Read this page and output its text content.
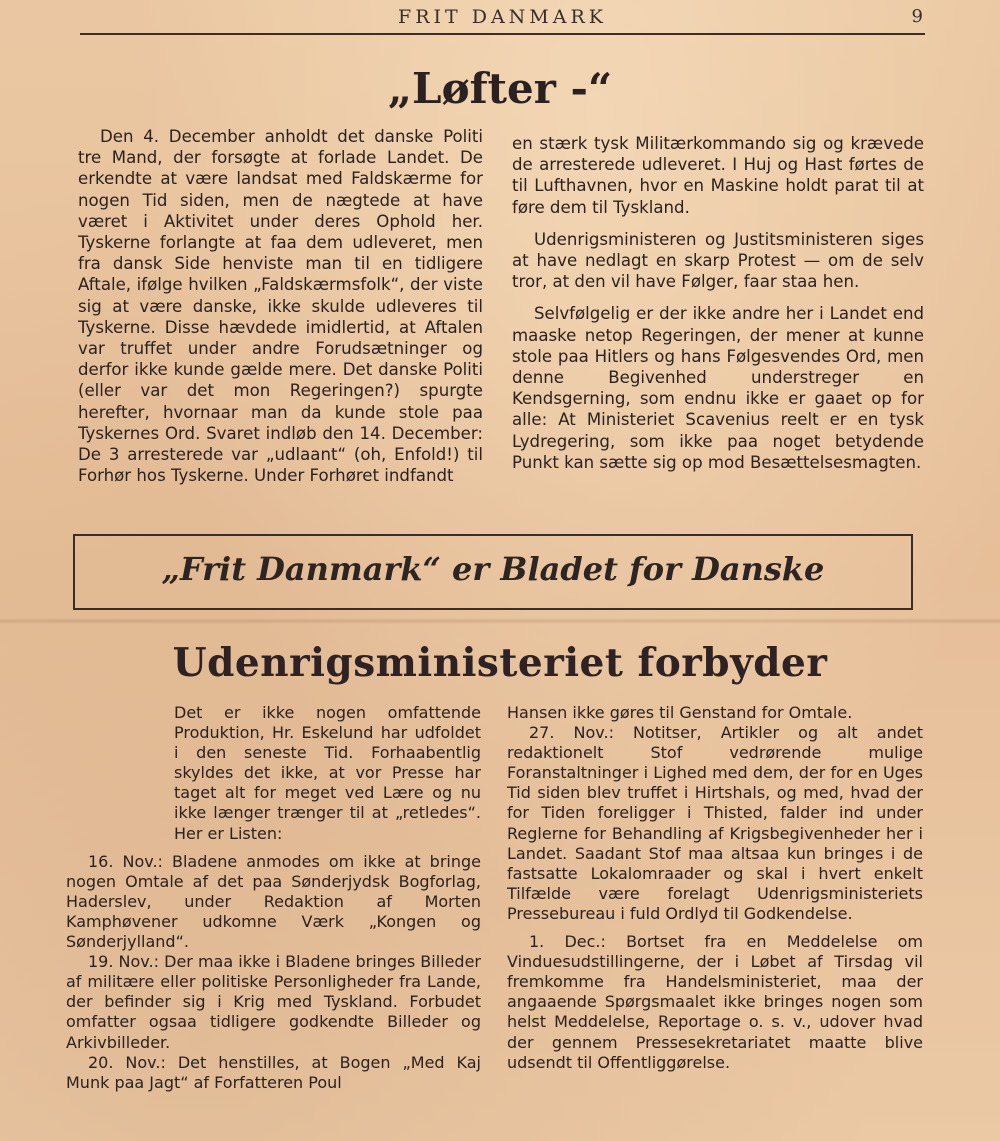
FRIT DANMARK	9
„Løfter -“

Den 4. December anholdt det danske Politi tre Mand, der forsøgte at forlade Landet. De erkendte at være landsat med Faldskærme for nogen Tid siden, men de nægtede at have været i Aktivitet under deres Ophold her. Tyskerne forlangte at faa dem udleveret, men fra dansk Side henviste man til en tidligere Aftale, ifølge hvilken „Faldskærmsfolk“, der viste sig at være danske, ikke skulde udleveres til Tyskerne. Disse hævdede imidlertid, at Aftalen var truffet under andre Forudsætninger og derfor ikke kunde gælde mere. Det danske Politi (eller var det mon Regeringen?) spurgte herefter, hvornaar man da kunde stole paa Tyskernes Ord. Svaret indløb den 14. December: De 3 arresterede var „udlaant“ (oh, Enfold!) til Forhør hos Tyskerne. Under Forhøret indfandt

en stærk tysk Militærkommando sig og krævede de arresterede udleveret. I Huj og Hast førtes de til Lufthavnen, hvor en Maskine holdt parat til at føre dem til Tyskland.

Udenrigsministeren og Justitsministeren siges at have nedlagt en skarp Protest — om de selv tror, at den vil have Følger, faar staa hen.

Selvfølgelig er der ikke andre her i Landet end maaske netop Regeringen, der mener at kunne stole paa Hitlers og hans Følgesvendes Ord, men denne Begivenhed understreger en Kendsgerning, som endnu ikke er gaaet op for alle: At Ministeriet Scavenius reelt er en tysk Lydregering, som ikke paa noget betydende Punkt kan sætte sig op mod Besættelsesmagten.

„Frit Danmark“ er Bladet for Danske
Udenrigsministeriet forbyder

Det er ikke nogen omfattende Produktion, Hr. Eskelund har udfoldet i den seneste Tid. Forhaabentlig skyldes det ikke, at vor Presse har taget alt for meget ved Lære og nu ikke længer trænger til at „retledes“. Her er Listen:

16. Nov.: Bladene anmodes om ikke at bringe nogen Omtale af det paa Sønderjydsk Bogforlag, Haderslev, under Redaktion af Morten Kamphøvener udkomne Værk „Kongen og Sønderjylland“.

19. Nov.: Der maa ikke i Bladene bringes Billeder af militære eller politiske Personligheder fra Lande, der befinder sig i Krig med Tyskland. Forbudet omfatter ogsaa tidligere godkendte Billeder og Arkivbilleder.

20. Nov.: Det henstilles, at Bogen „Med Kaj Munk paa Jagt“ af Forfatteren Poul

Hansen ikke gøres til Genstand for Omtale.

27. Nov.: Notitser, Artikler og alt andet redaktionelt Stof vedrørende mulige Foranstaltninger i Lighed med dem, der for en Uges Tid siden blev truffet i Hirtshals, og med, hvad der for Tiden foreligger i Thisted, falder ind under Reglerne for Behandling af Krigsbegivenheder her i Landet. Saadant Stof maa altsaa kun bringes i de fastsatte Lokalomraader og skal i hvert enkelt Tilfælde være forelagt Udenrigsministeriets Pressebureau i fuld Ordlyd til Godkendelse.

1. Dec.: Bortset fra en Meddelelse om Vinduesudstillingerne, der i Løbet af Tirsdag vil fremkomme fra Handelsministeriet, maa der angaaende Spørgsmaalet ikke bringes nogen som helst Meddelelse, Reportage o. s. v., udover hvad der gennem Pressesekretariatet maatte blive udsendt til Offentliggørelse.
